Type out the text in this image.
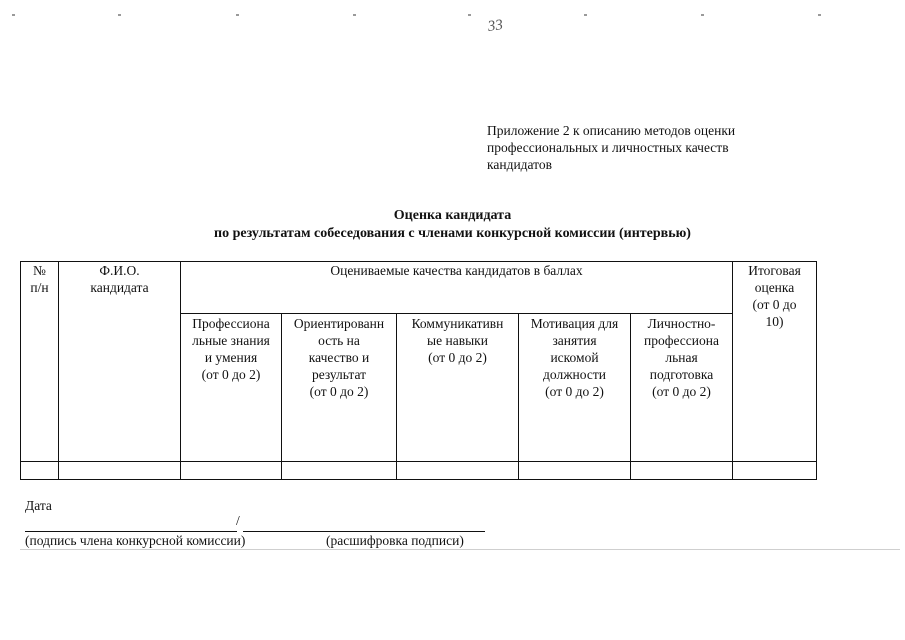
33
Приложение 2 к описанию методов оценки
профессиональных и личностных качеств
кандидатов
Оценка кандидата
по результатам собеседования с членами конкурсной комиссии (интервью)
№
п/н
Ф.И.О.
кандидата
Оцениваемые качества кандидатов в баллах	Итоговая
оценка
(от 0 до
10)
Профессиона
льные знания
и умения
(от 0 до 2)
Ориентированн
ость на
качество и
результат
(от 0 до 2)
Коммуникативн
ые навыки
(от 0 до 2)
Мотивация для
занятия
искомой
должности
(от 0 до 2)
Личностно-
профессиона
льная
подготовка
(от 0 до 2)
Дата
/
(подпись члена конкурсной комиссии)	(расшифровка подписи)
